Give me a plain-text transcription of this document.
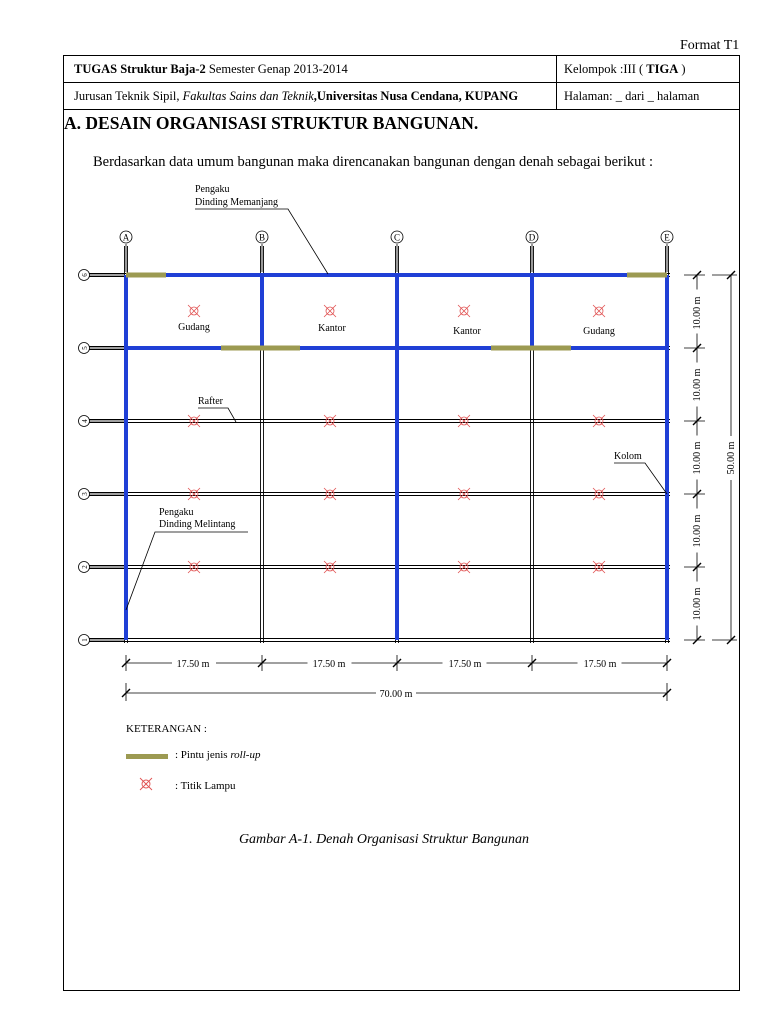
Format T1
TUGAS Struktur Baja-2 Semester Genap 2013-2014	Kelompok :III ( TIGA )
Jurusan Teknik Sipil, Fakultas Sains dan Teknik,Universitas Nusa Cendana, KUPANG	Halaman: _ dari _ halaman
A. DESAIN ORGANISASI STRUKTUR BANGUNAN.
Berdasarkan data umum bangunan maka direncanakan bangunan dengan denah sebagai berikut :
A	B	C	D	E
6
5
4
3
2
1
Gudang	Kantor	Kantor	Gudang
Pengaku
Dinding Memanjang
Rafter
Kolom
Pengaku
Dinding Melintang
17.50 m	17.50 m	17.50 m	17.50 m
70.00 m
10.00 m
10.00 m
10.00 m
10.00 m
10.00 m
50.00 m
KETERANGAN :
: Pintu jenis roll-up
: Titik Lampu
Gambar A-1. Denah Organisasi Struktur Bangunan
